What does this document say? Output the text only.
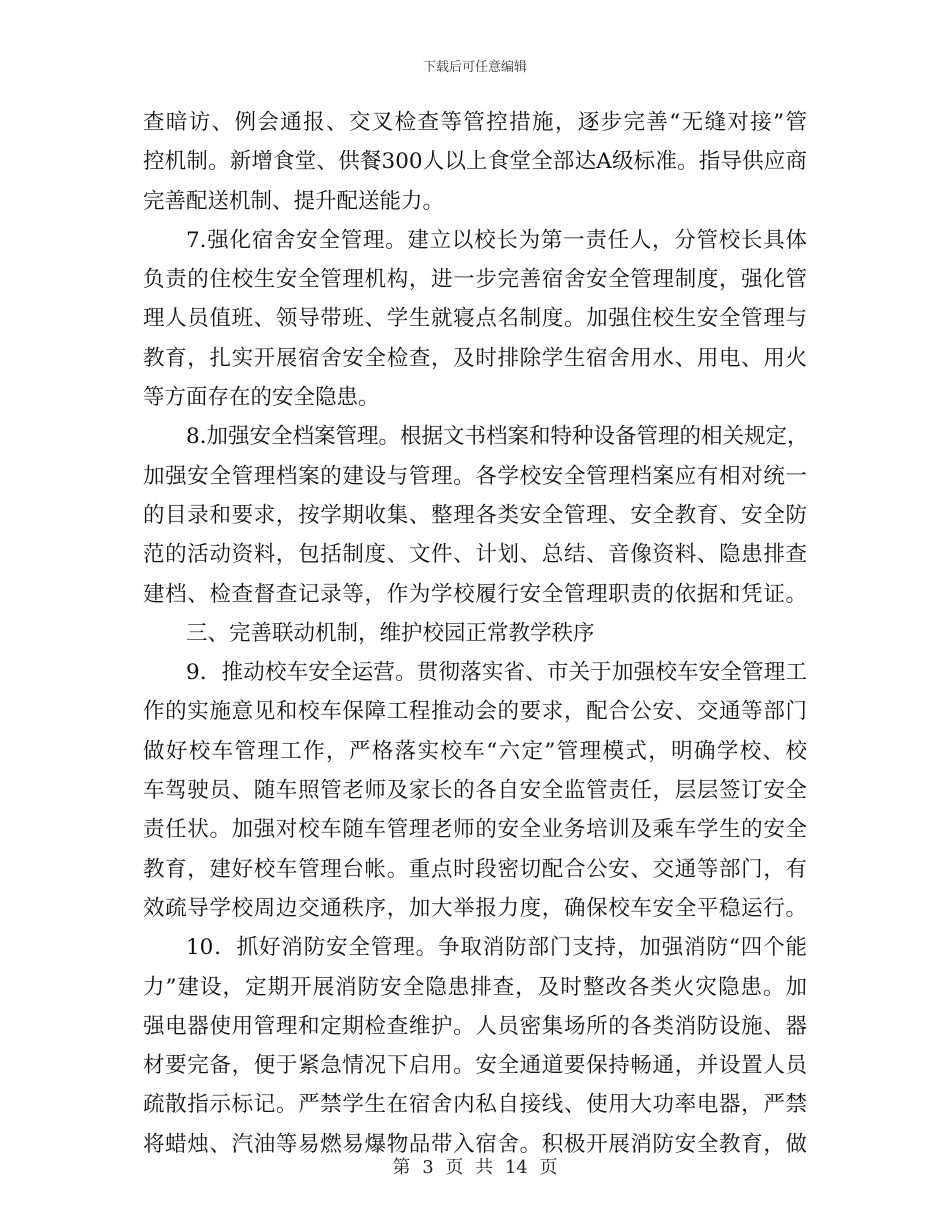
下载后可任意编辑
查暗访、例会通报、交叉检查等管控措施，逐步完善“无缝对接”管
控机制。新增食堂、供餐300人以上食堂全部达A级标准。指导供应商
完善配送机制、提升配送能力。
7.强化宿舍安全管理。建立以校长为第一责任人，分管校长具体
负责的住校生安全管理机构，进一步完善宿舍安全管理制度，强化管
理人员值班、领导带班、学生就寝点名制度。加强住校生安全管理与
教育，扎实开展宿舍安全检查，及时排除学生宿舍用水、用电、用火
等方面存在的安全隐患。
8.加强安全档案管理。根据文书档案和特种设备管理的相关规定，
加强安全管理档案的建设与管理。各学校安全管理档案应有相对统一
的目录和要求，按学期收集、整理各类安全管理、安全教育、安全防
范的活动资料，包括制度、文件、计划、总结、音像资料、隐患排查
建档、检查督查记录等，作为学校履行安全管理职责的依据和凭证。
三、完善联动机制，维护校园正常教学秩序
9．推动校车安全运营。贯彻落实省、市关于加强校车安全管理工
作的实施意见和校车保障工程推动会的要求，配合公安、交通等部门
做好校车管理工作，严格落实校车“六定”管理模式，明确学校、校
车驾驶员、随车照管老师及家长的各自安全监管责任，层层签订安全
责任状。加强对校车随车管理老师的安全业务培训及乘车学生的安全
教育，建好校车管理台帐。重点时段密切配合公安、交通等部门，有
效疏导学校周边交通秩序，加大举报力度，确保校车安全平稳运行。
10．抓好消防安全管理。争取消防部门支持，加强消防“四个能
力”建设，定期开展消防安全隐患排查，及时整改各类火灾隐患。加
强电器使用管理和定期检查维护。人员密集场所的各类消防设施、器
材要完备，便于紧急情况下启用。安全通道要保持畅通，并设置人员
疏散指示标记。严禁学生在宿舍内私自接线、使用大功率电器，严禁
将蜡烛、汽油等易燃易爆物品带入宿舍。积极开展消防安全教育，做
第 3 页 共 14 页
